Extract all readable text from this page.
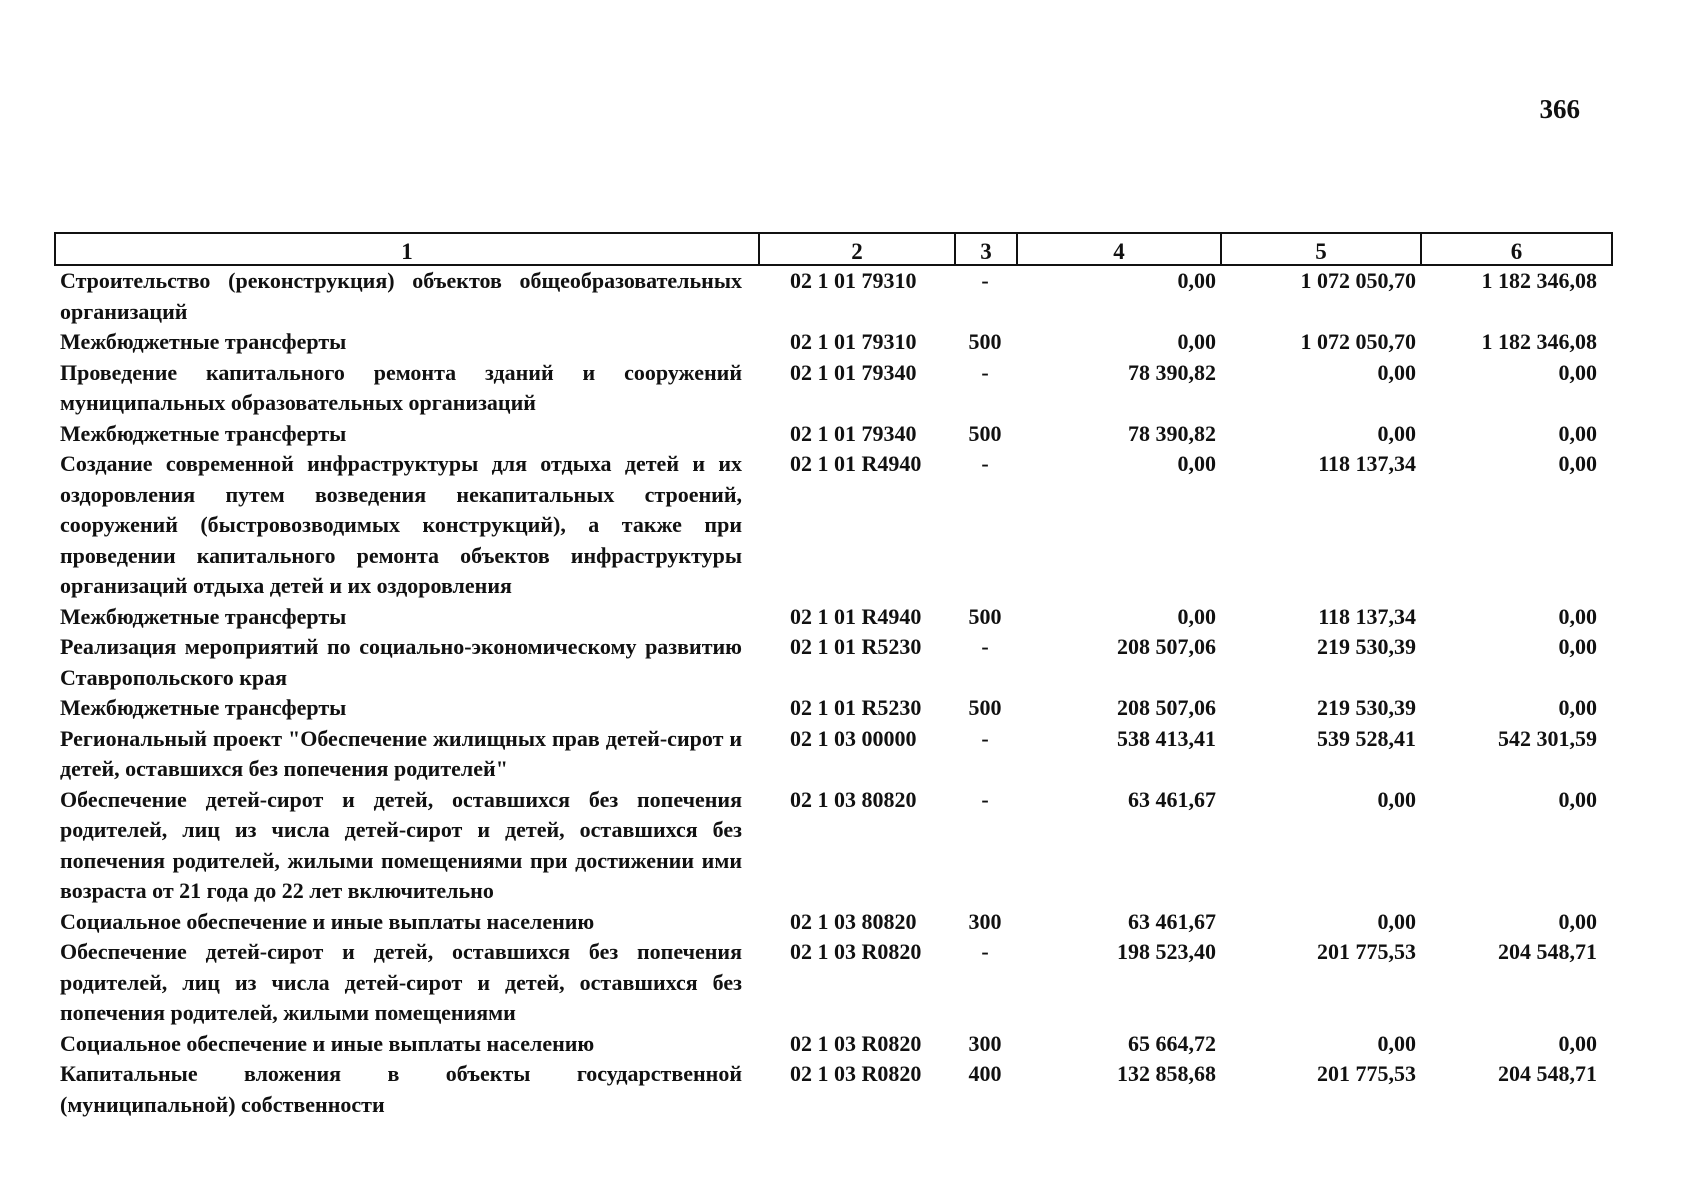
366
1	2	3	4	5	6
Строительство (реконструкция) объектов общеобразовательных организаций	02 1 01 79310	-	0,00	1 072 050,70	1 182 346,08
Межбюджетные трансферты	02 1 01 79310	500	0,00	1 072 050,70	1 182 346,08
Проведение капитального ремонта зданий и сооружений муниципальных образовательных организаций	02 1 01 79340	-	78 390,82	0,00	0,00
Межбюджетные трансферты	02 1 01 79340	500	78 390,82	0,00	0,00
Создание современной инфраструктуры для отдыха детей и их оздоровления путем возведения некапитальных строений, сооружений (быстровозводимых конструкций), а также при проведении капитального ремонта объектов инфраструктуры организаций отдыха детей и их оздоровления	02 1 01 R4940	-	0,00	118 137,34	0,00
Межбюджетные трансферты	02 1 01 R4940	500	0,00	118 137,34	0,00
Реализация мероприятий по социально-экономическому развитию Ставропольского края	02 1 01 R5230	-	208 507,06	219 530,39	0,00
Межбюджетные трансферты	02 1 01 R5230	500	208 507,06	219 530,39	0,00
Региональный проект "Обеспечение жилищных прав детей-сирот и детей, оставшихся без попечения родителей"	02 1 03 00000	-	538 413,41	539 528,41	542 301,59
Обеспечение детей-сирот и детей, оставшихся без попечения родителей, лиц из числа детей-сирот и детей, оставшихся без попечения родителей, жилыми помещениями при достижении ими возраста от 21 года до 22 лет включительно	02 1 03 80820	-	63 461,67	0,00	0,00
Социальное обеспечение и иные выплаты населению	02 1 03 80820	300	63 461,67	0,00	0,00
Обеспечение детей-сирот и детей, оставшихся без попечения родителей, лиц из числа детей-сирот и детей, оставшихся без попечения родителей, жилыми помещениями	02 1 03 R0820	-	198 523,40	201 775,53	204 548,71
Социальное обеспечение и иные выплаты населению	02 1 03 R0820	300	65 664,72	0,00	0,00
Капитальные вложения в объекты государственной (муниципальной) собственности	02 1 03 R0820	400	132 858,68	201 775,53	204 548,71
